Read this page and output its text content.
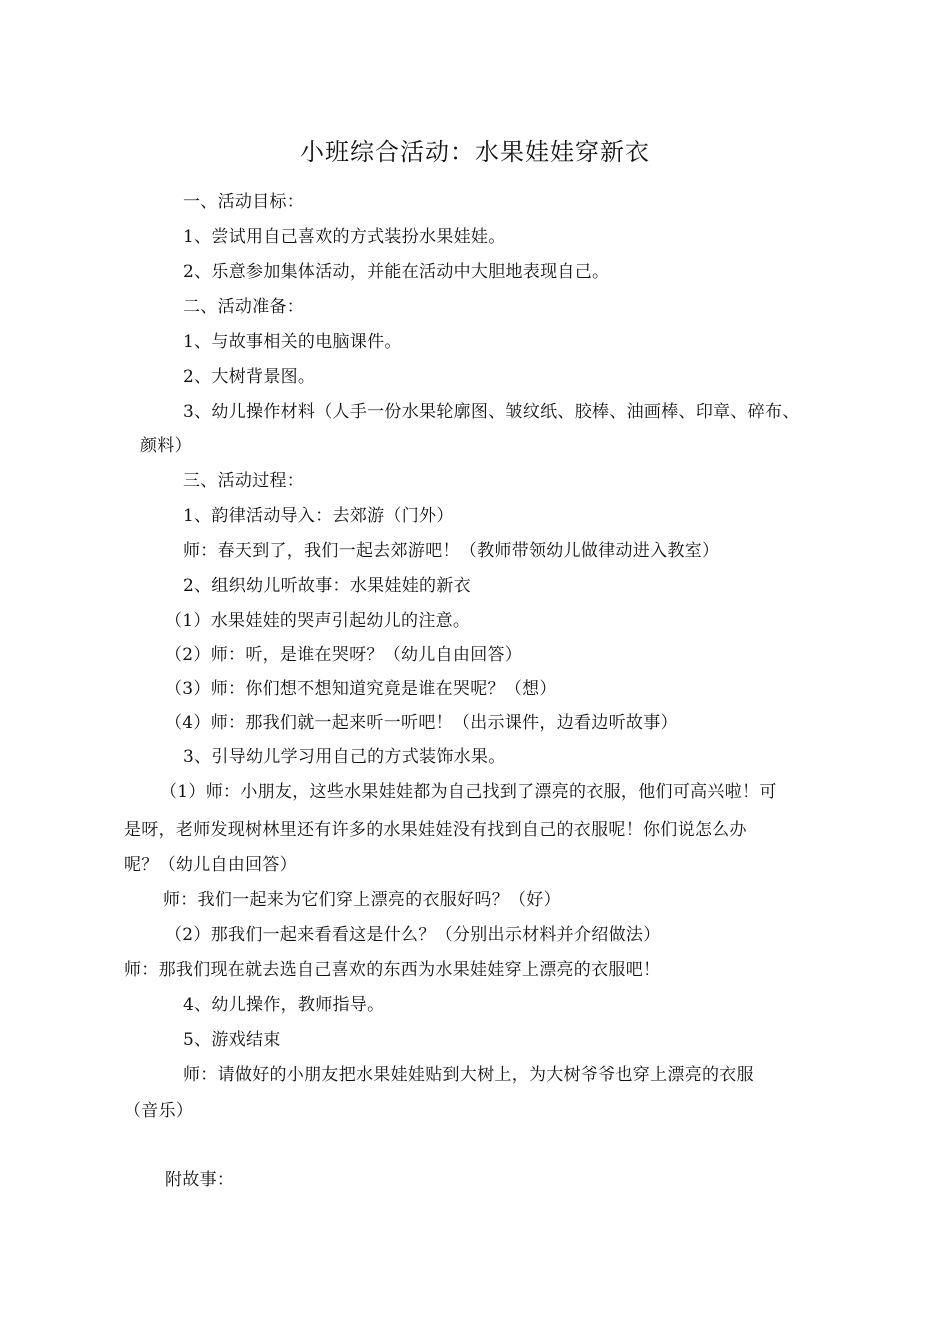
小班综合活动：水果娃娃穿新衣
一、活动目标：
1、尝试用自己喜欢的方式装扮水果娃娃。
2、乐意参加集体活动，并能在活动中大胆地表现自己。
二、活动准备：
1、与故事相关的电脑课件。
2、大树背景图。
3、幼儿操作材料（人手一份水果轮廓图、皱纹纸、胶棒、油画棒、印章、碎布、
颜料）
三、活动过程：
1、韵律活动导入：去郊游（门外）
师：春天到了，我们一起去郊游吧！（教师带领幼儿做律动进入教室）
2、组织幼儿听故事：水果娃娃的新衣
（1）水果娃娃的哭声引起幼儿的注意。
（2）师：听，是谁在哭呀？（幼儿自由回答）
（3）师：你们想不想知道究竟是谁在哭呢？（想）
（4）师：那我们就一起来听一听吧！（出示课件，边看边听故事）
3、引导幼儿学习用自己的方式装饰水果。
（1）师：小朋友，这些水果娃娃都为自己找到了漂亮的衣服，他们可高兴啦！可
是呀，老师发现树林里还有许多的水果娃娃没有找到自己的衣服呢！你们说怎么办
呢？（幼儿自由回答）
师：我们一起来为它们穿上漂亮的衣服好吗？（好）
（2）那我们一起来看看这是什么？（分别出示材料并介绍做法）
师：那我们现在就去选自己喜欢的东西为水果娃娃穿上漂亮的衣服吧！
4、幼儿操作，教师指导。
5、游戏结束
师：请做好的小朋友把水果娃娃贴到大树上，为大树爷爷也穿上漂亮的衣服
（音乐）
附故事：
